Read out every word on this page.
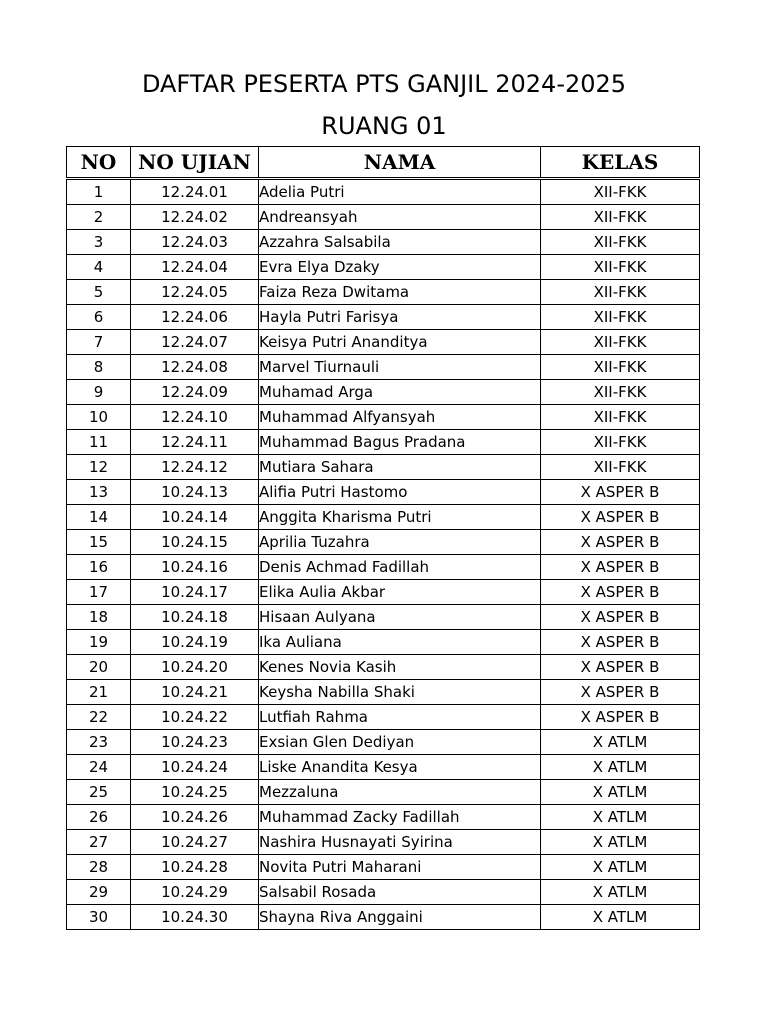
DAFTAR PESERTA PTS GANJIL 2024-2025
RUANG 01
NO	NO UJIAN	NAMA	KELAS
1	12.24.01	Adelia Putri	XII-FKK
2	12.24.02	Andreansyah	XII-FKK
3	12.24.03	Azzahra Salsabila	XII-FKK
4	12.24.04	Evra Elya Dzaky	XII-FKK
5	12.24.05	Faiza Reza Dwitama	XII-FKK
6	12.24.06	Hayla Putri Farisya	XII-FKK
7	12.24.07	Keisya Putri Ananditya	XII-FKK
8	12.24.08	Marvel Tiurnauli	XII-FKK
9	12.24.09	Muhamad Arga	XII-FKK
10	12.24.10	Muhammad Alfyansyah	XII-FKK
11	12.24.11	Muhammad Bagus Pradana	XII-FKK
12	12.24.12	Mutiara Sahara	XII-FKK
13	10.24.13	Alifia Putri Hastomo	X ASPER B
14	10.24.14	Anggita Kharisma Putri	X ASPER B
15	10.24.15	Aprilia Tuzahra	X ASPER B
16	10.24.16	Denis Achmad Fadillah	X ASPER B
17	10.24.17	Elika Aulia Akbar	X ASPER B
18	10.24.18	Hisaan Aulyana	X ASPER B
19	10.24.19	Ika Auliana	X ASPER B
20	10.24.20	Kenes Novia Kasih	X ASPER B
21	10.24.21	Keysha Nabilla Shaki	X ASPER B
22	10.24.22	Lutfiah Rahma	X ASPER B
23	10.24.23	Exsian Glen Dediyan	X ATLM
24	10.24.24	Liske Anandita Kesya	X ATLM
25	10.24.25	Mezzaluna	X ATLM
26	10.24.26	Muhammad Zacky Fadillah	X ATLM
27	10.24.27	Nashira Husnayati Syirina	X ATLM
28	10.24.28	Novita Putri Maharani	X ATLM
29	10.24.29	Salsabil Rosada	X ATLM
30	10.24.30	Shayna Riva Anggaini	X ATLM
